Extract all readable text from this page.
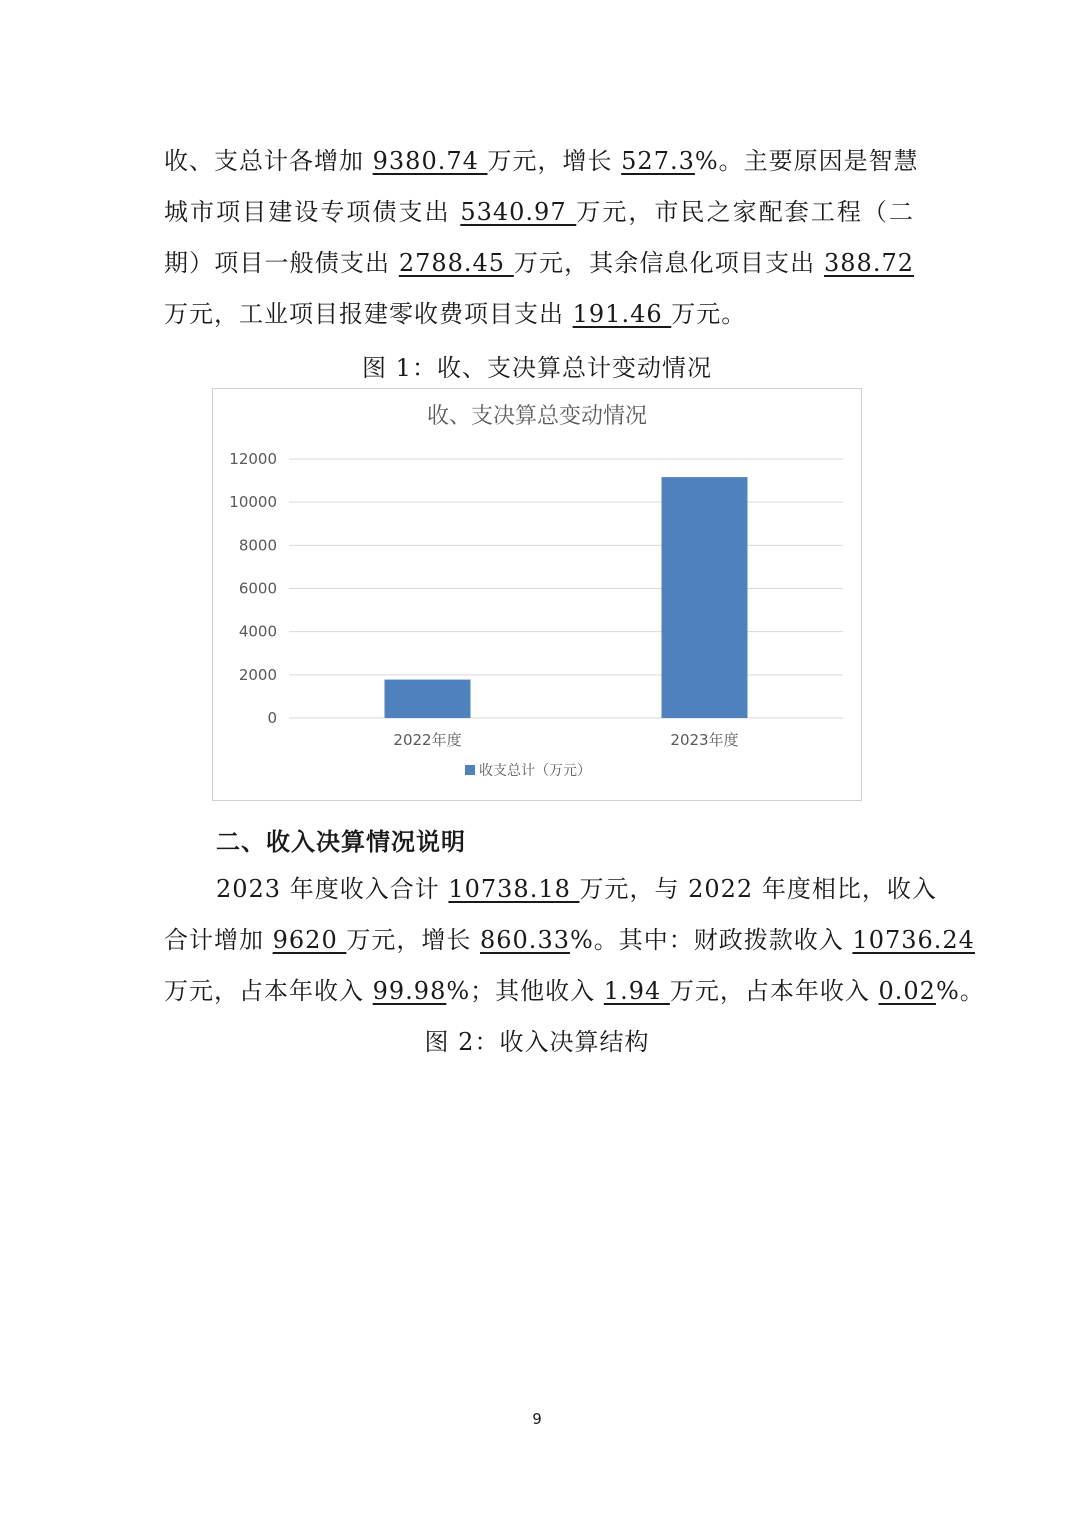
收、支总计各增加 9380.74 万元，增长 527.3%。主要原因是智慧
城市项目建设专项债支出 5340.97 万元，市民之家配套工程（二
期）项目一般债支出 2788.45 万元，其余信息化项目支出 388.72
万元，工业项目报建零收费项目支出 191.46 万元。
图 1：收、支决算总计变动情况
收、支决算总变动情况
0
2000
4000
6000
8000
10000
12000
2022年度	2023年度
收支总计（万元）
二、收入决算情况说明
2023 年度收入合计 10738.18 万元，与 2022 年度相比，收入
合计增加 9620 万元，增长 860.33%。其中：财政拨款收入 10736.24
万元，占本年收入 99.98%；其他收入 1.94 万元，占本年收入 0.02%。
图 2：收入决算结构
9
